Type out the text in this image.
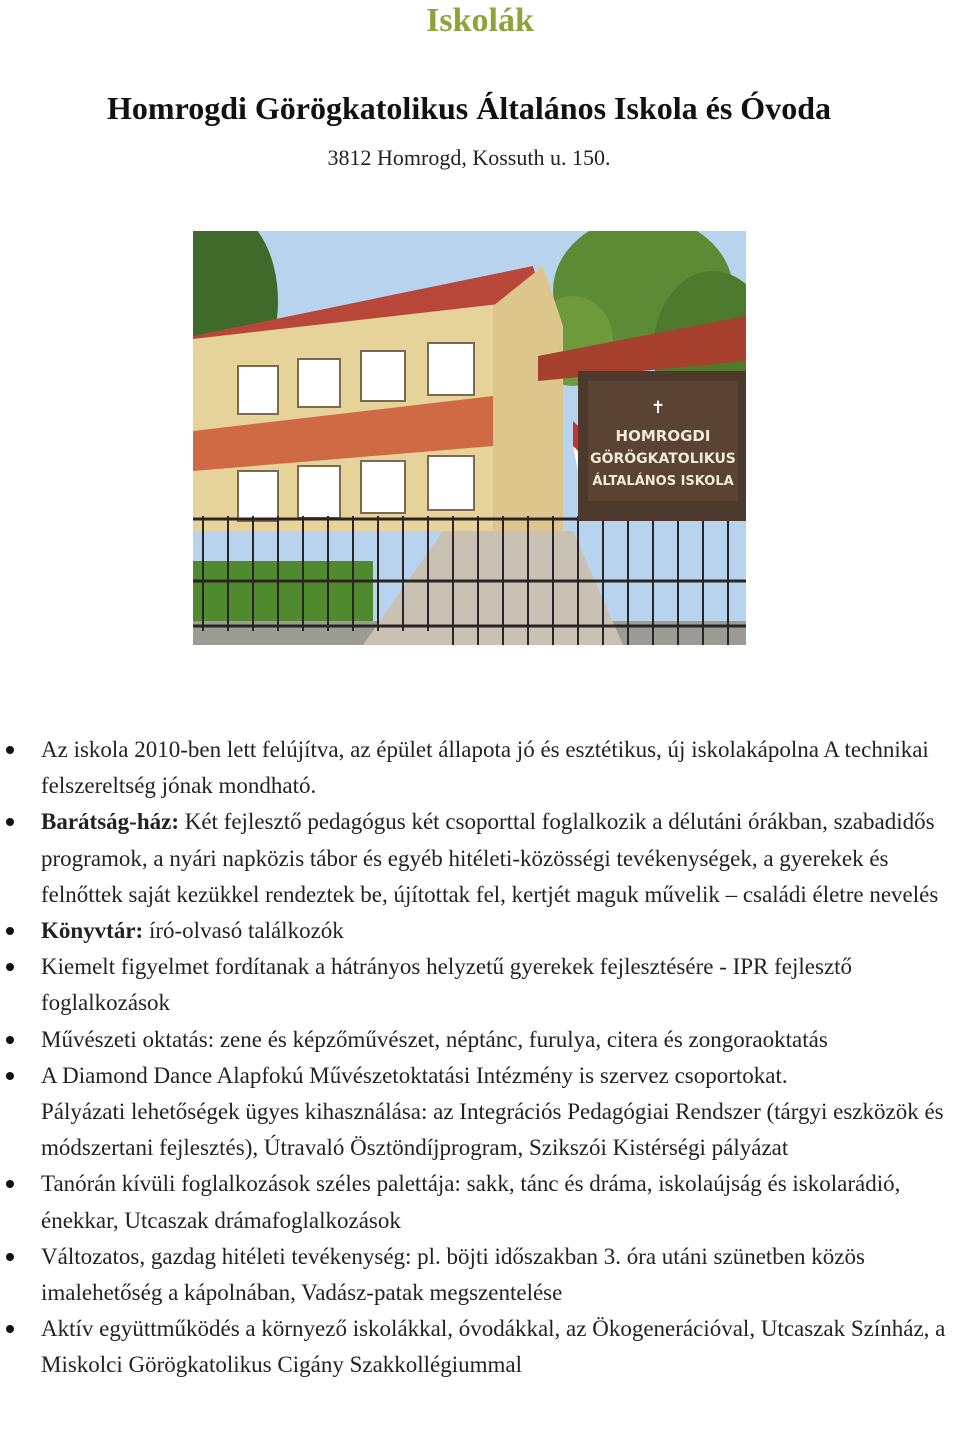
Iskolák
Homrogdi Görögkatolikus Általános Iskola és Óvoda
3812 Homrogd, Kossuth u. 150.
✝
HOMROGDI
GÖRÖGKATOLIKUS
ÁLTALÁNOS ISKOLA
Az iskola 2010-ben lett felújítva, az épület állapota jó és esztétikus, új iskolakápolna A technikai felszereltség jónak mondható.
Barátság-ház: Két fejlesztő pedagógus két csoporttal foglalkozik a délutáni órákban, szabadidős programok, a nyári napközis tábor és egyéb hitéleti-közösségi tevékenységek, a gyerekek és felnőttek saját kezükkel rendeztek be, újítottak fel, kertjét maguk művelik – családi életre nevelés
Könyvtár: író-olvasó találkozók
Kiemelt figyelmet fordítanak a hátrányos helyzetű gyerekek fejlesztésére - IPR fejlesztő foglalkozások
Művészeti oktatás: zene és képzőművészet, néptánc, furulya, citera és zongoraoktatás
A Diamond Dance Alapfokú Művészetoktatási Intézmény is szervez csoportokat.
Pályázati lehetőségek ügyes kihasználása: az Integrációs Pedagógiai Rendszer (tárgyi eszközök és módszertani fejlesztés), Útravaló Ösztöndíjprogram, Szikszói Kistérségi pályázat
Tanórán kívüli foglalkozások széles palettája: sakk, tánc és dráma, iskolaújság és iskolarádió, énekkar, Utcaszak drámafoglalkozások
Változatos, gazdag hitéleti tevékenység: pl. böjti időszakban 3. óra utáni szünetben közös imalehetőség a kápolnában, Vadász-patak megszentelése
Aktív együttműködés a környező iskolákkal, óvodákkal, az Ökogenerációval, Utcaszak Színház, a Miskolci Görögkatolikus Cigány Szakkollégiummal
